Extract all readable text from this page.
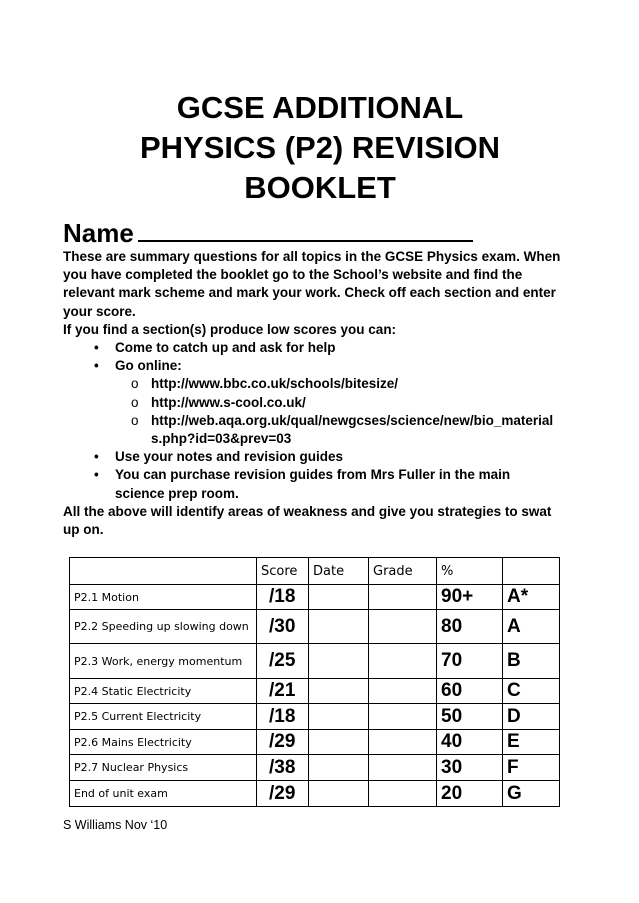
GCSE ADDITIONAL
PHYSICS (P2) REVISION
BOOKLET
Name

These are summary questions for all topics in the GCSE Physics exam. When you have completed the booklet go to the School’s website and find the relevant mark scheme and mark your work. Check off each section and enter your score.

If you find a section(s) produce low scores you can:

• Come to catch up and ask for help
• Go online:
o http://www.bbc.co.uk/schools/bitesize/
o http://www.s-cool.co.uk/
o http://web.aqa.org.uk/qual/newgcses/science/new/bio_materials.php?id=03&prev=03
• Use your notes and revision guides
• You can purchase revision guides from Mrs Fuller in the main science prep room.

All the above will identify areas of weakness and give you strategies to swat up on.

	Score	Date	Grade	%	
P2.1 Motion	/18			90+	A*
P2.2 Speeding up slowing down	/30			80	A
P2.3 Work, energy momentum	/25			70	B
P2.4 Static Electricity	/21			60	C
P2.5 Current Electricity	/18			50	D
P2.6 Mains Electricity	/29			40	E
P2.7 Nuclear Physics	/38			30	F
End of unit exam	/29			20	G
S Williams Nov ‘10
